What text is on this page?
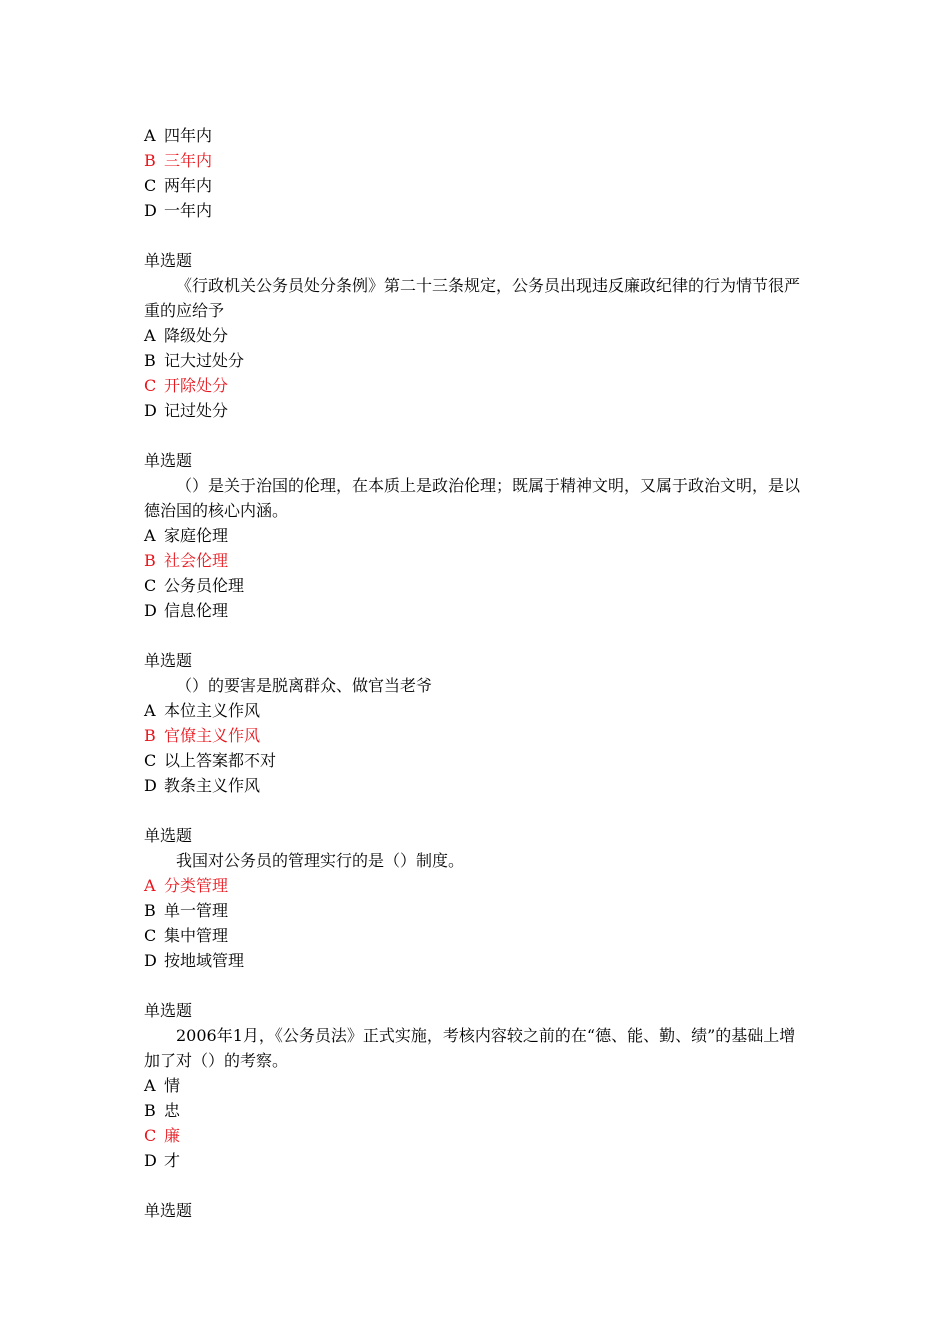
A 四年内
B 三年内
C 两年内
D 一年内
单选题
《行政机关公务员处分条例》第二十三条规定，公务员出现违反廉政纪律的行为情节很严重的应给予
A 降级处分
B 记大过处分
C 开除处分
D 记过处分
单选题
（）是关于治国的伦理，在本质上是政治伦理；既属于精神文明，又属于政治文明，是以德治国的核心内涵。
A 家庭伦理
B 社会伦理
C 公务员伦理
D 信息伦理
单选题
（）的要害是脱离群众、做官当老爷
A 本位主义作风
B 官僚主义作风
C 以上答案都不对
D 教条主义作风
单选题
我国对公务员的管理实行的是（）制度。
A 分类管理
B 单一管理
C 集中管理
D 按地域管理
单选题
2006年1月，《公务员法》正式实施，考核内容较之前的在“德、能、勤、绩”的基础上增加了对（）的考察。
A 情
B 忠
C 廉
D 才
单选题
